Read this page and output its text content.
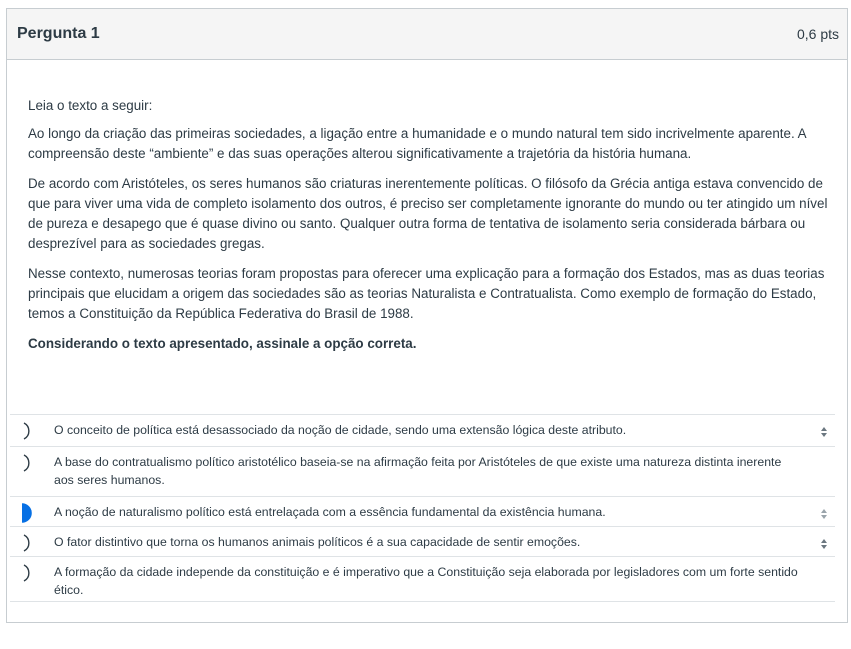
Pergunta 1	0,6 pts

Leia o texto a seguir:

Ao longo da criação das primeiras sociedades, a ligação entre a humanidade e o mundo natural tem sido incrivelmente aparente. A compreensão deste “ambiente” e das suas operações alterou significativamente a trajetória da história humana.

De acordo com Aristóteles, os seres humanos são criaturas inerentemente políticas. O filósofo da Grécia antiga estava convencido de que para viver uma vida de completo isolamento dos outros, é preciso ser completamente ignorante do mundo ou ter atingido um nível de pureza e desapego que é quase divino ou santo. Qualquer outra forma de tentativa de isolamento seria considerada bárbara ou desprezível para as sociedades gregas.

Nesse contexto, numerosas teorias foram propostas para oferecer uma explicação para a formação dos Estados, mas as duas teorias principais que elucidam a origem das sociedades são as teorias Naturalista e Contratualista. Como exemplo de formação do Estado, temos a Constituição da República Federativa do Brasil de 1988.

Considerando o texto apresentado, assinale a opção correta.

O conceito de política está desassociado da noção de cidade, sendo uma extensão lógica deste atributo.
A base do contratualismo político aristotélico baseia-se na afirmação feita por Aristóteles de que existe uma natureza distinta inerente aos seres humanos.
A noção de naturalismo político está entrelaçada com a essência fundamental da existência humana.
O fator distintivo que torna os humanos animais políticos é a sua capacidade de sentir emoções.
A formação da cidade independe da constituição e é imperativo que a Constituição seja elaborada por legisladores com um forte sentido ético.
